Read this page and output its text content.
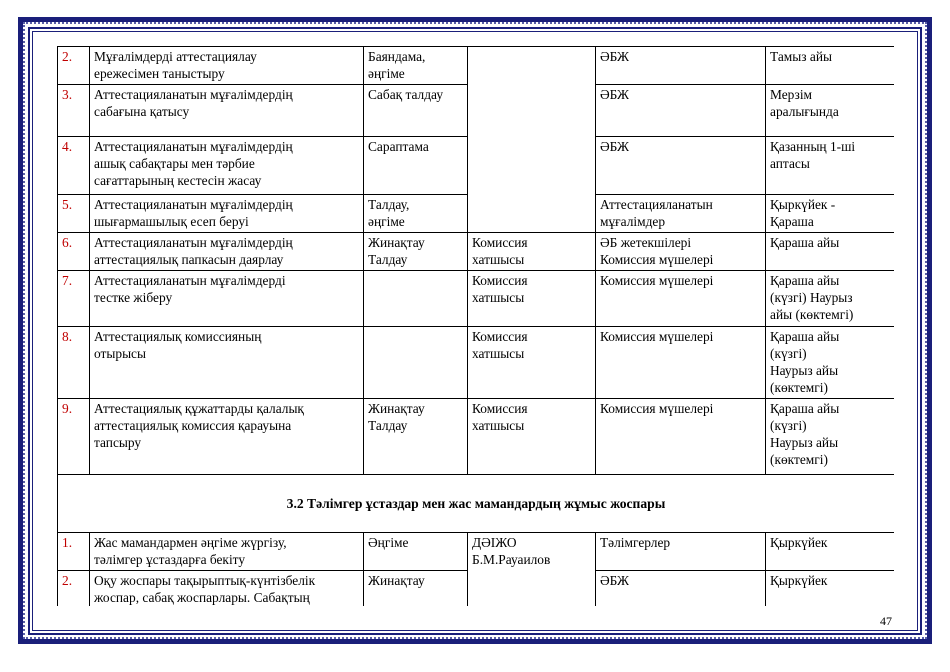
2.	Мұғалімдерді аттестациялау
ережесімен таныстыру	Баяндама,
әңгіме		ӘБЖ	Тамыз айы

3.	Аттестацияланатын мұғалімдердің
сабағына қатысу	Сабақ талдау		ӘБЖ	Мерзім
аралығында

4.	Аттестацияланатын мұғалімдердің
ашық сабақтары мен тәрбие
сағаттарының кестесін жасау	Сараптама		ӘБЖ	Қазанның 1-ші
аптасы

5.	Аттестацияланатын мұғалімдердің
шығармашылық есеп беруі	Талдау,
әңгіме		Аттестацияланатын
мұғалімдер	Қыркүйек -
Қараша

6.	Аттестацияланатын мұғалімдердің
аттестациялық папкасын даярлау	Жинақтау
Талдау	Комиссия
хатшысы	ӘБ жетекшілері
Комиссия мүшелері	Қараша айы

7.	Аттестацияланатын мұғалімдерді
тестке жіберу		Комиссия
хатшысы	Комиссия мүшелері	Қараша айы
(күзгі) Наурыз
айы (көктемгі)

8.	Аттестациялық комиссияның
отырысы		Комиссия
хатшысы	Комиссия мүшелері	Қараша айы
(күзгі)
Наурыз айы
(көктемгі)

9.	Аттестациялық құжаттарды қалалық
аттестациялық комиссия қарауына
тапсыру	Жинақтау
Талдау	Комиссия
хатшысы	Комиссия мүшелері	Қараша айы
(күзгі)
Наурыз айы
(көктемгі)

3.2 Тәлімгер ұстаздар мен жас мамандардың жұмыс жоспары					
1.	Жас мамандармен әңгіме жүргізу,
тәлімгер ұстаздарға бекіту	Әңгіме	ДӘІЖО
Б.М.Рауаилов	Тәлімгерлер	Қыркүйек

2.	Оқу жоспары тақырыптық-күнтізбелік
жоспар, сабақ жоспарлары. Сабақтың	Жинақтау		ӘБЖ	Қыркүйек
47
